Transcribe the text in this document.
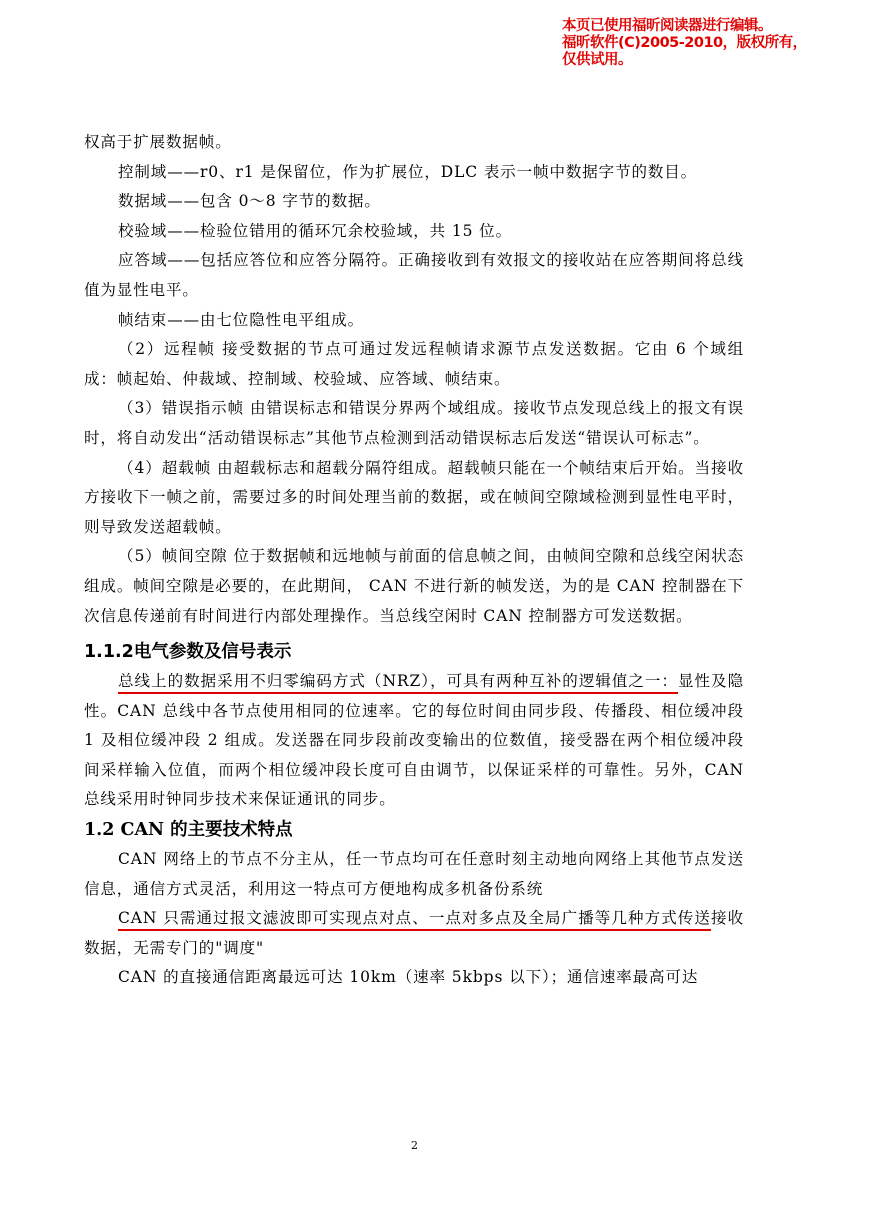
本页已使用福昕阅读器进行编辑。
福昕软件(C)2005-2010，版权所有，
仅供试用。

权高于扩展数据帧。

控制域——r0、r1 是保留位，作为扩展位，DLC 表示一帧中数据字节的数目。

数据域——包含 0～8 字节的数据。

校验域——检验位错用的循环冗余校验域，共 15 位。

应答域——包括应答位和应答分隔符。正确接收到有效报文的接收站在应答期间将总线值为显性电平。

帧结束——由七位隐性电平组成。

（2）远程帧 接受数据的节点可通过发远程帧请求源节点发送数据。它由 6 个域组成：帧起始、仲裁域、控制域、校验域、应答域、帧结束。

（3）错误指示帧 由错误标志和错误分界两个域组成。接收节点发现总线上的报文有误时，将自动发出“活动错误标志”其他节点检测到活动错误标志后发送“错误认可标志”。

（4）超载帧 由超载标志和超载分隔符组成。超载帧只能在一个帧结束后开始。当接收方接收下一帧之前，需要过多的时间处理当前的数据，或在帧间空隙域检测到显性电平时，则导致发送超载帧。

（5）帧间空隙 位于数据帧和远地帧与前面的信息帧之间，由帧间空隙和总线空闲状态组成。帧间空隙是必要的，在此期间， CAN 不进行新的帧发送，为的是 CAN 控制器在下次信息传递前有时间进行内部处理操作。当总线空闲时 CAN 控制器方可发送数据。

1.1.2电气参数及信号表示

总线上的数据采用不归零编码方式（NRZ），可具有两种互补的逻辑值之一：显性及隐性。CAN 总线中各节点使用相同的位速率。它的每位时间由同步段、传播段、相位缓冲段 1 及相位缓冲段 2 组成。发送器在同步段前改变输出的位数值，接受器在两个相位缓冲段间采样输入位值，而两个相位缓冲段长度可自由调节，以保证采样的可靠性。另外，CAN 总线采用时钟同步技术来保证通讯的同步。

1.2 CAN 的主要技术特点

CAN 网络上的节点不分主从，任一节点均可在任意时刻主动地向网络上其他节点发送信息，通信方式灵活，利用这一特点可方便地构成多机备份系统

CAN 只需通过报文滤波即可实现点对点、一点对多点及全局广播等几种方式传送接收数据，无需专门的"调度"

CAN 的直接通信距离最远可达 10km（速率 5kbps 以下）；通信速率最高可达

2
